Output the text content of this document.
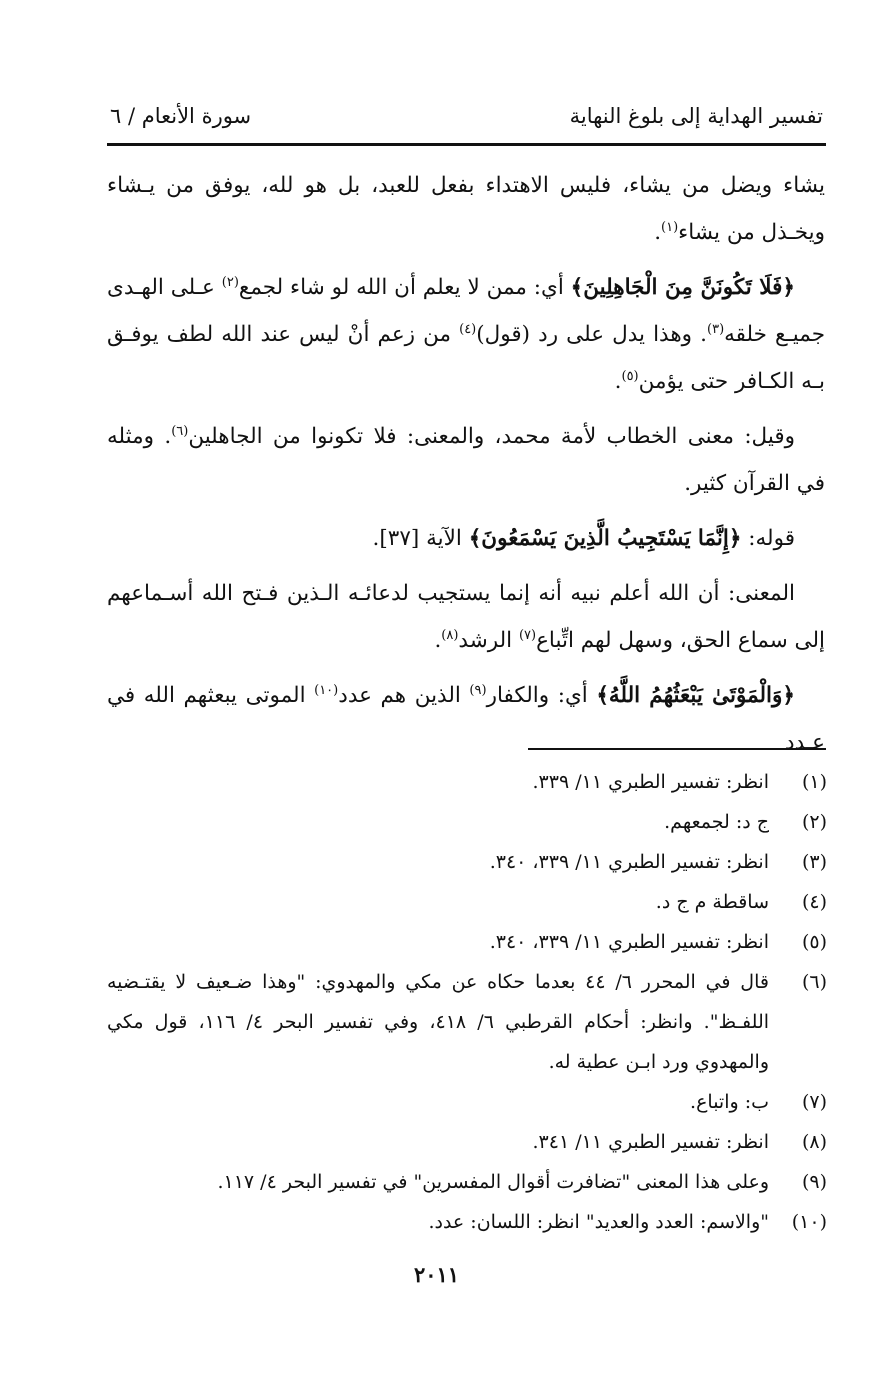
تفسير الهداية إلى بلوغ النهاية
سورة الأنعام / ٦

يشاء ويضل من يشاء، فليس الاهتداء بفعل للعبد، بل هو لله، يوفق من يـشاء ويخـذل من يشاء$^{(١)}$.

﴿فَلَا تَكُونَنَّ مِنَ الْجَاهِلِينَ﴾ أي: ممن لا يعلم أن الله لو شاء لجمع$^{(٢)}$ عـلى الهـدى جميـع خلقه$^{(٣)}$. وهذا يدل على رد (قول)$^{(٤)}$ من زعم أنْ ليس عند الله لطف يوفـق بـه الكـافر حتى يؤمن$^{(٥)}$.

وقيل: معنى الخطاب لأمة محمد، والمعنى: فلا تكونوا من الجاهلين$^{(٦)}$. ومثله في القرآن كثير.

قوله: ﴿إِنَّمَا يَسْتَجِيبُ الَّذِينَ يَسْمَعُونَ﴾ الآية [٣٧].

المعنى: أن الله أعلم نبيه أنه إنما يستجيب لدعائـه الـذين فـتح الله أسـماعهم إلى سماع الحق، وسهل لهم اتِّباع$^{(٧)}$ الرشد$^{(٨)}$.

﴿وَالْمَوْتَىٰ يَبْعَثُهُمُ اللَّهُ﴾ أي: والكفار$^{(٩)}$ الذين هم عدد$^{(١٠)}$ الموتى يبعثهم الله في عـدد

(١)
انظر: تفسير الطبري ١١/ ٣٣٩.
(٢)
ج د: لجمعهم.
(٣)
انظر: تفسير الطبري ١١/ ٣٣٩، ٣٤٠.
(٤)
ساقطة م ج د.
(٥)
انظر: تفسير الطبري ١١/ ٣٣٩، ٣٤٠.
(٦)
قال في المحرر ٦/ ٤٤ بعدما حكاه عن مكي والمهدوي: "وهذا ضـعيف لا يقتـضيه اللفـظ". وانظر: أحكام القرطبي ٦/ ٤١٨، وفي تفسير البحر ٤/ ١١٦، قول مكي والمهدوي ورد ابـن عطية له.
(٧)
ب: واتباع.
(٨)
انظر: تفسير الطبري ١١/ ٣٤١.
(٩)
وعلى هذا المعنى "تضافرت أقوال المفسرين" في تفسير البحر ٤/ ١١٧.
(١٠)
"والاسم: العدد والعديد" انظر: اللسان: عدد.
٢٠١١
